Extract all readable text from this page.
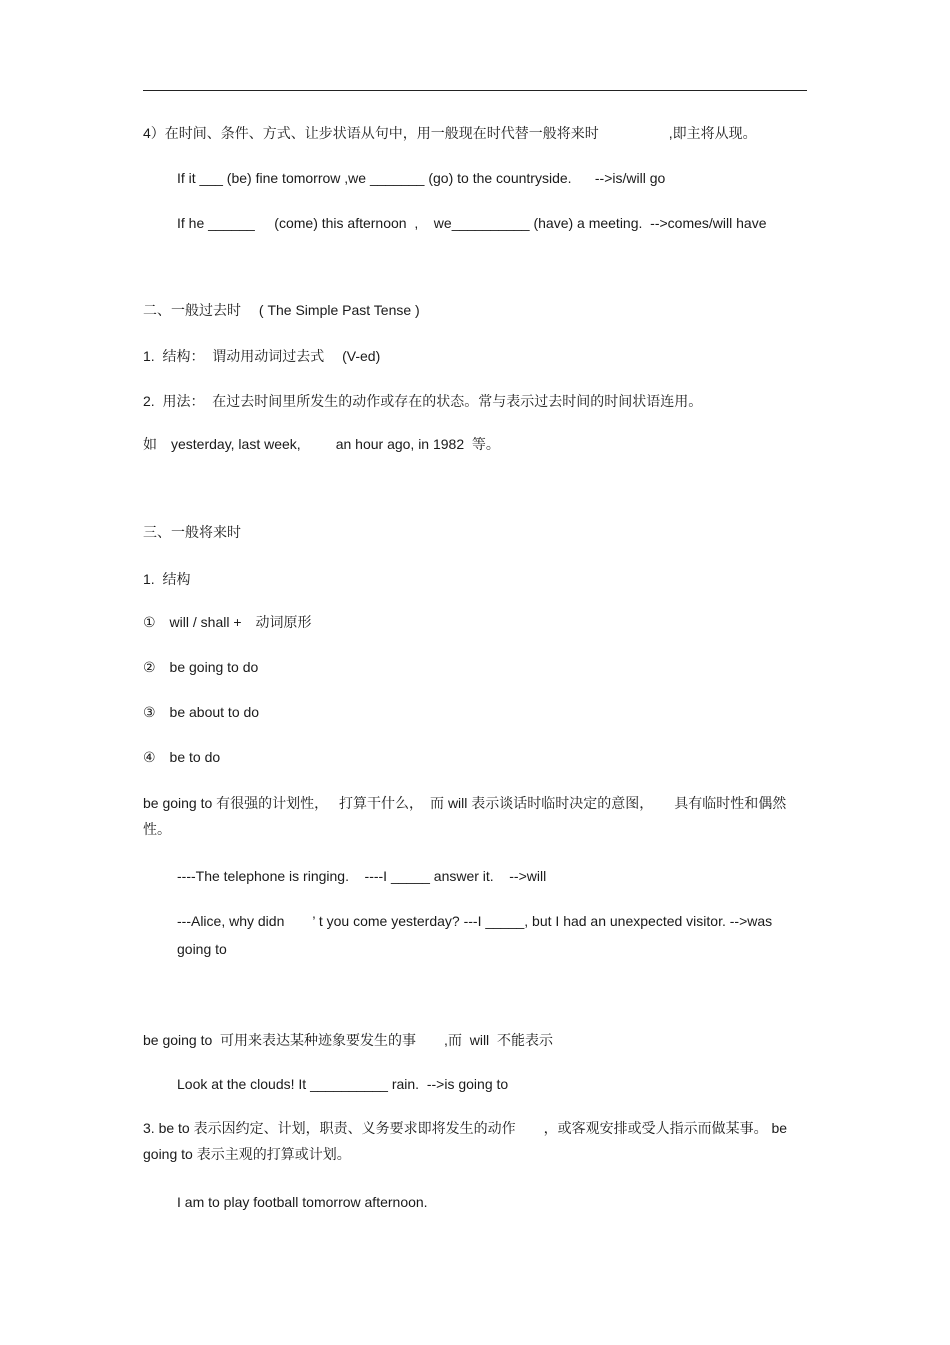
4）在时间、条件、方式、让步状语从句中，用一般现在时代替一般将来时　　　　　,即主将从现。
If it ___ (be) fine tomorrow ,we _______ (go) to the countryside.      -->is/will go
If he ______     (come) this afternoon  ,    we__________ (have) a meeting.  -->comes/will have
二、一般过去时　 ( The Simple Past Tense )
1.  结构：  谓动用动词过去式　 (V-ed)
2.  用法：  在过去时间里所发生的动作或存在的状态。常与表示过去时间的时间状语连用。
如　yesterday, last week,         an hour ago, in 1982  等。
三、一般将来时
1.  结构
①　will / shall +　动词原形
②　be going to do
③　be about to do
④　be to do
be going to 有很强的计划性，　 打算干什么，　而 will 表示谈话时临时决定的意图，　　具有临时性和偶然性。
----The telephone is ringing.    ----I _____ answer it.    -->will
---Alice, why didn　　’ t you come yesterday? ---I _____, but I had an unexpected visitor. -->was going to
be going to  可用来表达某种迹象要发生的事　　,而  will  不能表示
Look at the clouds! It __________ rain.  -->is going to
3. be to 表示因约定、计划，职责、义务要求即将发生的动作　　，或客观安排或受人指示而做某事。 be going to 表示主观的打算或计划。
I am to play football tomorrow afternoon.
